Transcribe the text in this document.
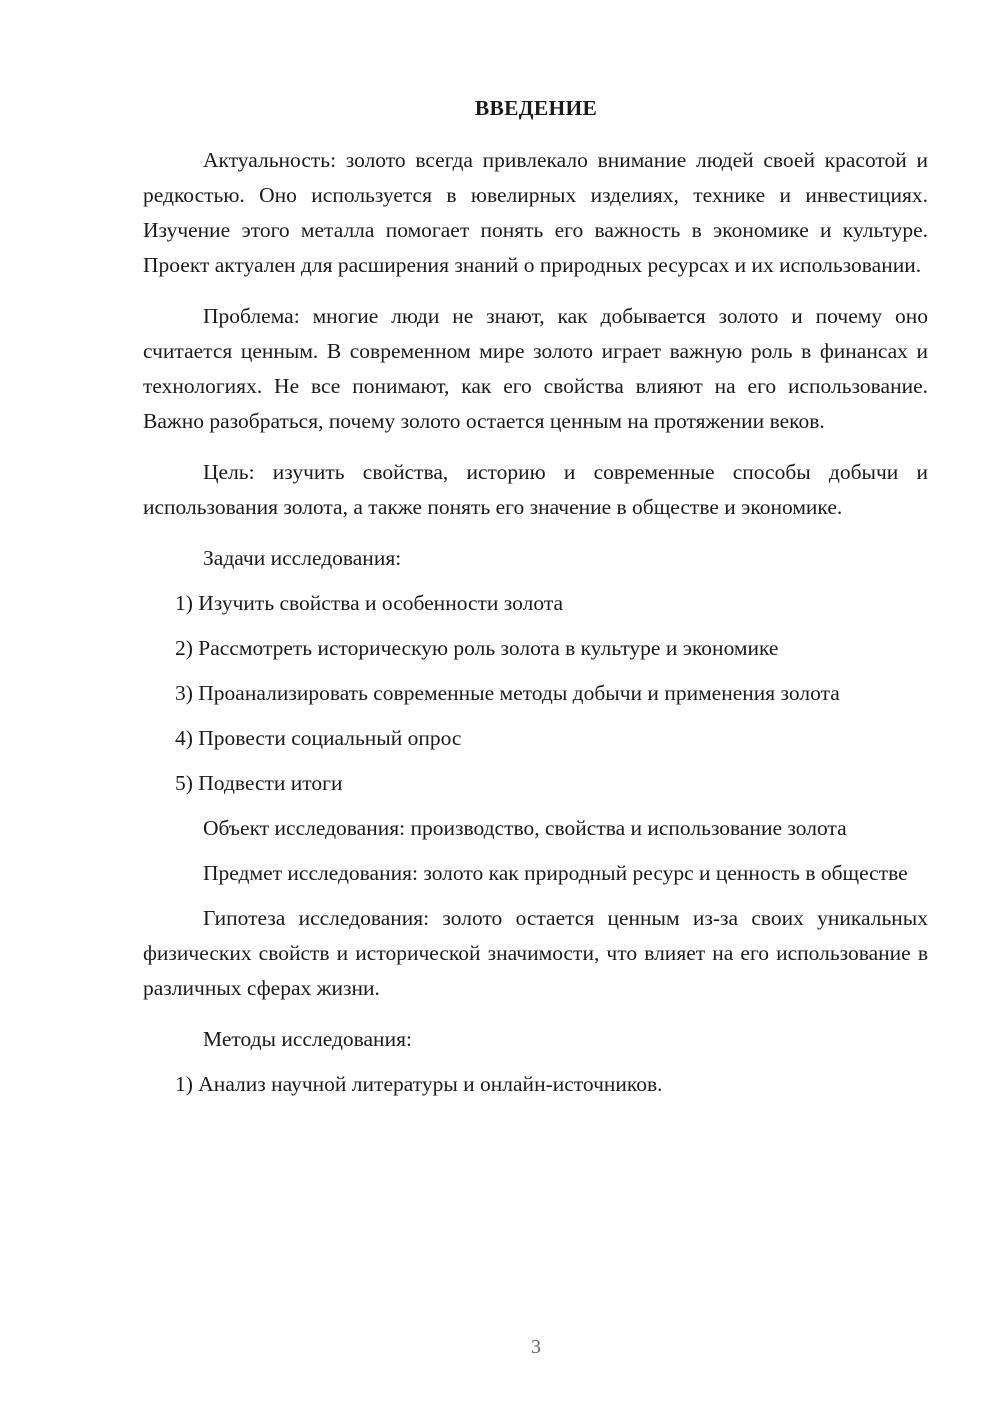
ВВЕДЕНИЕ

Актуальность: золото всегда привлекало внимание людей своей красотой и редкостью. Оно используется в ювелирных изделиях, технике и инвестициях. Изучение этого металла помогает понять его важность в экономике и культуре. Проект актуален для расширения знаний о природных ресурсах и их использовании.

Проблема: многие люди не знают, как добывается золото и почему оно считается ценным. В современном мире золото играет важную роль в финансах и технологиях. Не все понимают, как его свойства влияют на его использование. Важно разобраться, почему золото остается ценным на протяжении веков.

Цель: изучить свойства, историю и современные способы добычи и использования золота, а также понять его значение в обществе и экономике.

Задачи исследования:

1) Изучить свойства и особенности золота

2) Рассмотреть историческую роль золота в культуре и экономике

3) Проанализировать современные методы добычи и применения золота

4) Провести социальный опрос

5) Подвести итоги

Объект исследования: производство, свойства и использование золота

Предмет исследования: золото как природный ресурс и ценность в обществе

Гипотеза исследования: золото остается ценным из-за своих уникальных физических свойств и исторической значимости, что влияет на его использование в различных сферах жизни.

Методы исследования:

1) Анализ научной литературы и онлайн-источников.

3
